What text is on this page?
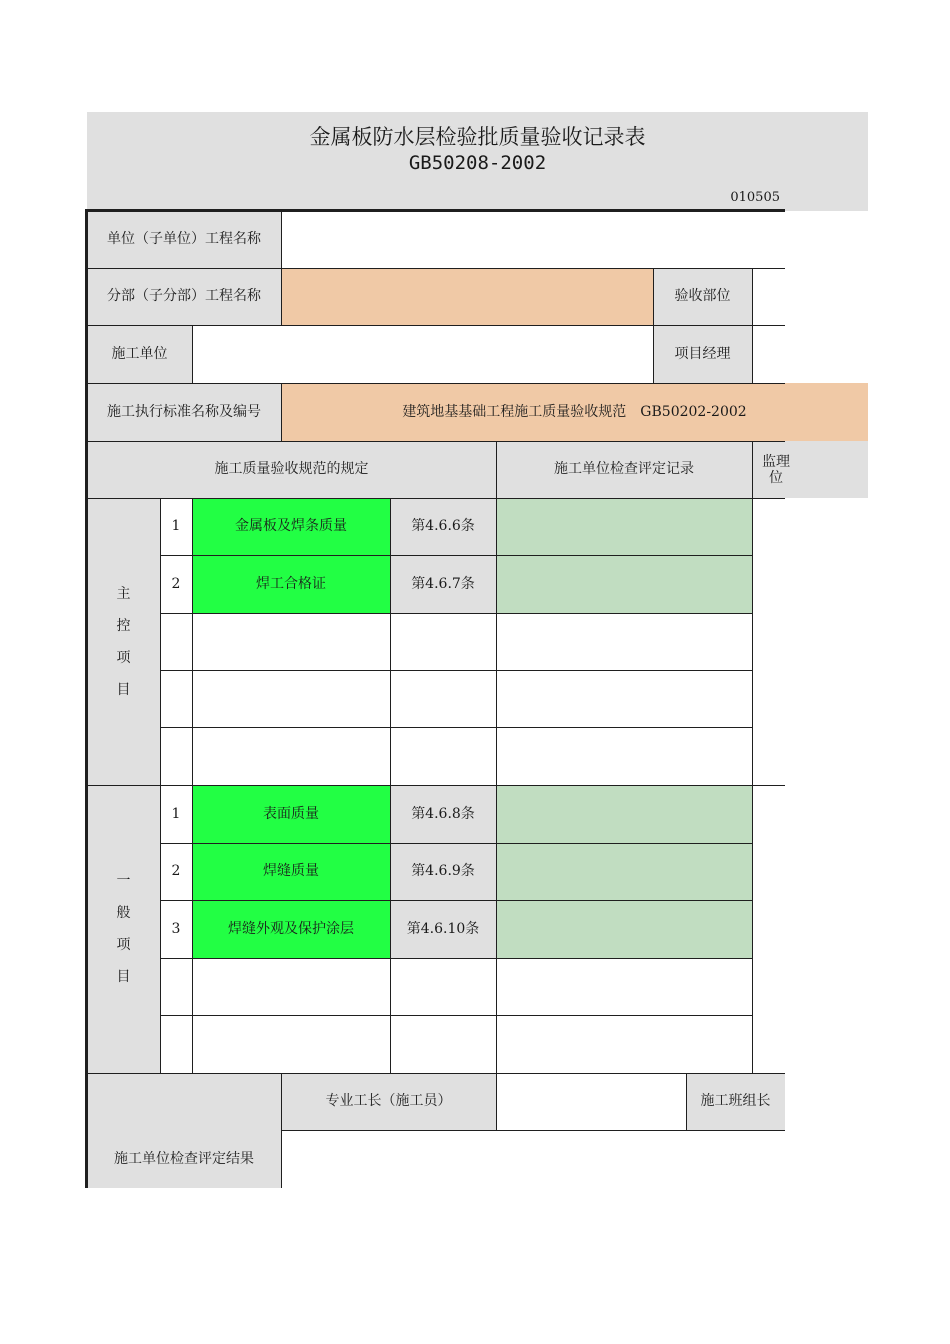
金属板防水层检验批质量验收记录表
GB50208-2002
010505
单位（子单位）工程名称
分部（子分部）工程名称	验收部位
施工单位	项目经理
施工执行标准名称及编号	建筑地基基础工程施工质量验收规范　GB50202-2002
施工质量验收规范的规定	施工单位检查评定记录	监理
位
主
控
项
目
1	金属板及焊条质量	第4.6.6条
2	焊工合格证	第4.6.7条
一
般
项
目
1	表面质量	第4.6.8条
2	焊缝质量	第4.6.9条
3	焊缝外观及保护涂层	第4.6.10条
施工单位检查评定结果
专业工长（施工员）	施工班组长
